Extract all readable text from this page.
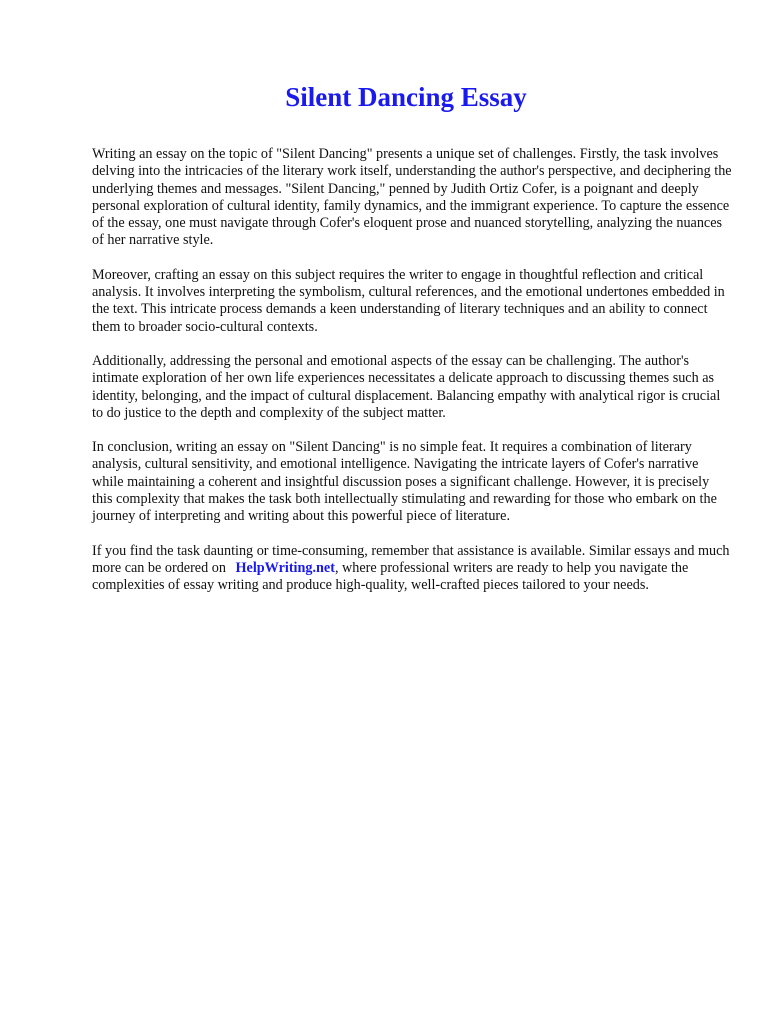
Silent Dancing Essay

Writing an essay on the topic of "Silent Dancing" presents a unique set of challenges. Firstly, the task involves delving into the intricacies of the literary work itself, understanding the author's perspective, and deciphering the underlying themes and messages. "Silent Dancing," penned by Judith Ortiz Cofer, is a poignant and deeply personal exploration of cultural identity, family dynamics, and the immigrant experience. To capture the essence of the essay, one must navigate through Cofer's eloquent prose and nuanced storytelling, analyzing the nuances of her narrative style.

Moreover, crafting an essay on this subject requires the writer to engage in thoughtful reflection and critical analysis. It involves interpreting the symbolism, cultural references, and the emotional undertones embedded in the text. This intricate process demands a keen understanding of literary techniques and an ability to connect them to broader socio-cultural contexts.

Additionally, addressing the personal and emotional aspects of the essay can be challenging. The author's intimate exploration of her own life experiences necessitates a delicate approach to discussing themes such as identity, belonging, and the impact of cultural displacement. Balancing empathy with analytical rigor is crucial to do justice to the depth and complexity of the subject matter.

In conclusion, writing an essay on "Silent Dancing" is no simple feat. It requires a combination of literary analysis, cultural sensitivity, and emotional intelligence. Navigating the intricate layers of Cofer's narrative while maintaining a coherent and insightful discussion poses a significant challenge. However, it is precisely this complexity that makes the task both intellectually stimulating and rewarding for those who embark on the journey of interpreting and writing about this powerful piece of literature.

If you find the task daunting or time-consuming, remember that assistance is available. Similar essays and much more can be ordered on HelpWriting.net, where professional writers are ready to help you navigate the complexities of essay writing and produce high-quality, well-crafted pieces tailored to your needs.
